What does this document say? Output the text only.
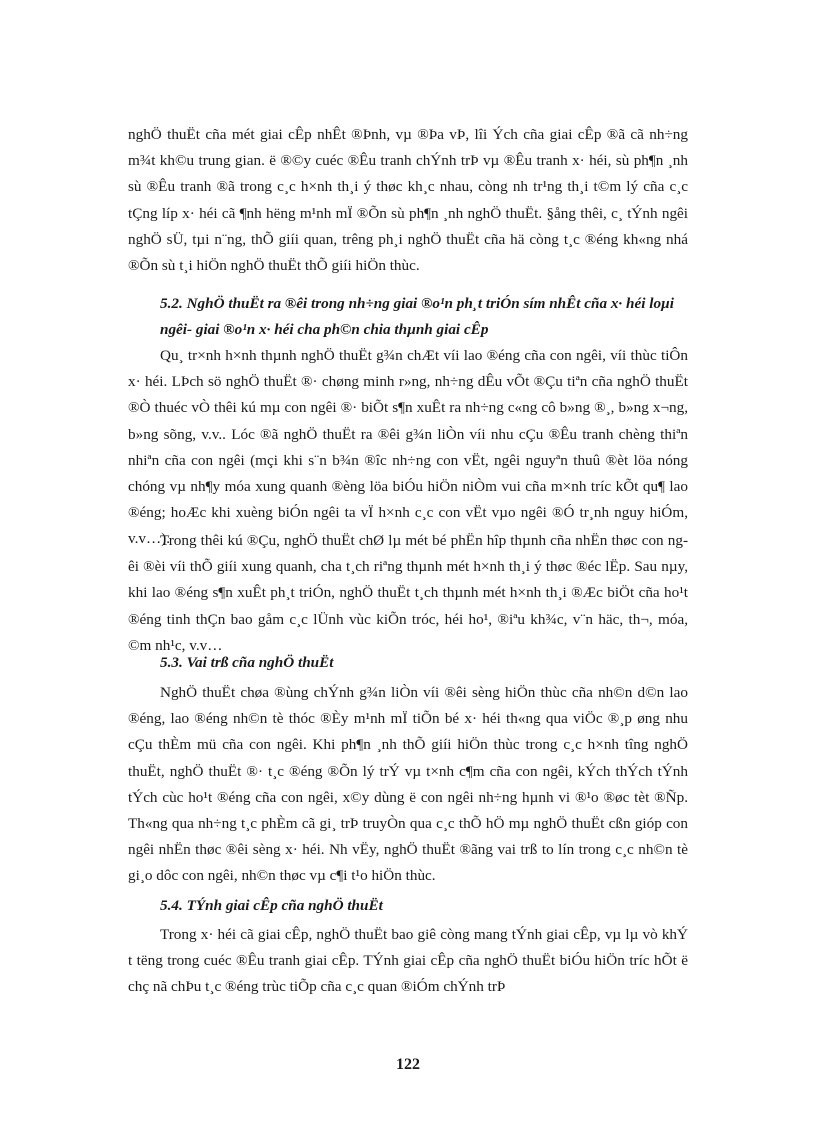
nghÖ thuËt cña mét giai cÊp nhÊt ®Þnh, vµ ®Þa vÞ, lîi Ých cña giai cÊp ®ã cã nh÷ng m¾t kh©u trung gian. ë ®©y cuéc ®Êu tranh chÝnh trÞ vµ ®Êu tranh x· héi, sù ph¶n ¸nh sù ®Êu tranh ®ã trong c¸c h×nh th¸i ý thøc kh¸c nhau, còng nh tr¹ng th¸i t©m lý cña c¸c tÇng líp x· héi cã ¶nh hëng m¹nh mÏ ®Õn sù ph¶n ¸nh nghÖ thuËt. §ång thêi, c¸ tÝnh ngêi nghÖ sÜ, tµi n¨ng, thÕ giíi quan, trêng ph¸i nghÖ thuËt cña hä còng t¸c ®éng kh«ng nhá ®Õn sù t¸i hiÖn nghÖ thuËt thÕ giíi hiÖn thùc.

5.2. NghÖ thuËt ra ®êi trong nh÷ng giai ®o¹n ph¸t triÓn sím nhÊt cña x· héi loµi ngêi- giai ®o¹n x· héi cha ph©n chia thµnh giai cÊp

Qu¸ tr×nh h×nh thµnh nghÖ thuËt g¾n chÆt víi lao ®éng cña con ngêi, víi thùc tiÔn x· héi. LÞch sö nghÖ thuËt ®· chøng minh r»ng, nh÷ng dÊu vÕt ®Çu tiªn cña nghÖ thuËt ®Ò thuéc vÒ thêi kú mµ con ngêi ®· biÕt s¶n xuÊt ra nh÷ng c«ng cô b»ng ®¸, b»ng x¬ng, b»ng sõng, v.v.. Lóc ®ã nghÖ thuËt ra ®êi g¾n liÒn víi nhu cÇu ®Êu tranh chèng thiªn nhiªn cña con ngêi (mçi khi s¨n b¾n ®îc nh÷ng con vËt, ngêi nguyªn thuû ®èt löa nóng chóng vµ nh¶y móa xung quanh ®èng löa biÓu hiÖn niÒm vui cña m×nh tríc kÕt qu¶ lao ®éng; hoÆc khi xuèng biÓn ngêi ta vÏ h×nh c¸c con vËt vµo ngêi ®Ó tr¸nh nguy hiÓm, v.v…).

Trong thêi kú ®Çu, nghÖ thuËt chØ lµ mét bé phËn hîp thµnh cña nhËn thøc con ngêi ®èi víi thÕ giíi xung quanh, cha t¸ch riªng thµnh mét h×nh th¸i ý thøc ®éc lËp. Sau nµy, khi lao ®éng s¶n xuÊt ph¸t triÓn, nghÖ thuËt t¸ch thµnh mét h×nh th¸i ®Æc biÖt cña ho¹t ®éng tinh thÇn bao gåm c¸c lÜnh vùc kiÕn tróc, héi ho¹, ®iªu kh¾c, v¨n häc, th¬, móa, ©m nh¹c, v.v…

5.3. Vai trß cña nghÖ thuËt

NghÖ thuËt chøa ®ùng chÝnh g¾n liÒn víi ®êi sèng hiÖn thùc cña nh©n d©n lao ®éng, lao ®éng nh©n tè thóc ®Èy m¹nh mÏ tiÕn bé x· héi th«ng qua viÖc ®¸p øng nhu cÇu thÈm mü cña con ngêi. Khi ph¶n ¸nh thÕ giíi hiÖn thùc trong c¸c h×nh tîng nghÖ thuËt, nghÖ thuËt ®· t¸c ®éng ®Õn lý trÝ vµ t×nh c¶m cña con ngêi, kÝch thÝch tÝnh tÝch cùc ho¹t ®éng cña con ngêi, x©y dùng ë con ngêi nh÷ng hµnh vi ®¹o ®øc tèt ®Ñp. Th«ng qua nh÷ng t¸c phÈm cã gi¸ trÞ truyÒn qua c¸c thÕ hÖ mµ nghÖ thuËt cßn gióp con ngêi nhËn thøc ®êi sèng x· héi. Nh vËy, nghÖ thuËt ®ãng vai trß to lín trong c¸c nh©n tè gi¸o dôc con ngêi, nh©n thøc vµ c¶i t¹o hiÖn thùc.

5.4. TÝnh giai cÊp cña nghÖ thuËt

Trong x· héi cã giai cÊp, nghÖ thuËt bao giê còng mang tÝnh giai cÊp, vµ lµ vò khÝ t tëng trong cuéc ®Êu tranh giai cÊp. TÝnh giai cÊp cña nghÖ thuËt biÓu hiÖn tríc hÕt ë chç nã chÞu t¸c ®éng trùc tiÕp cña c¸c quan ®iÓm chÝnh trÞ

122
